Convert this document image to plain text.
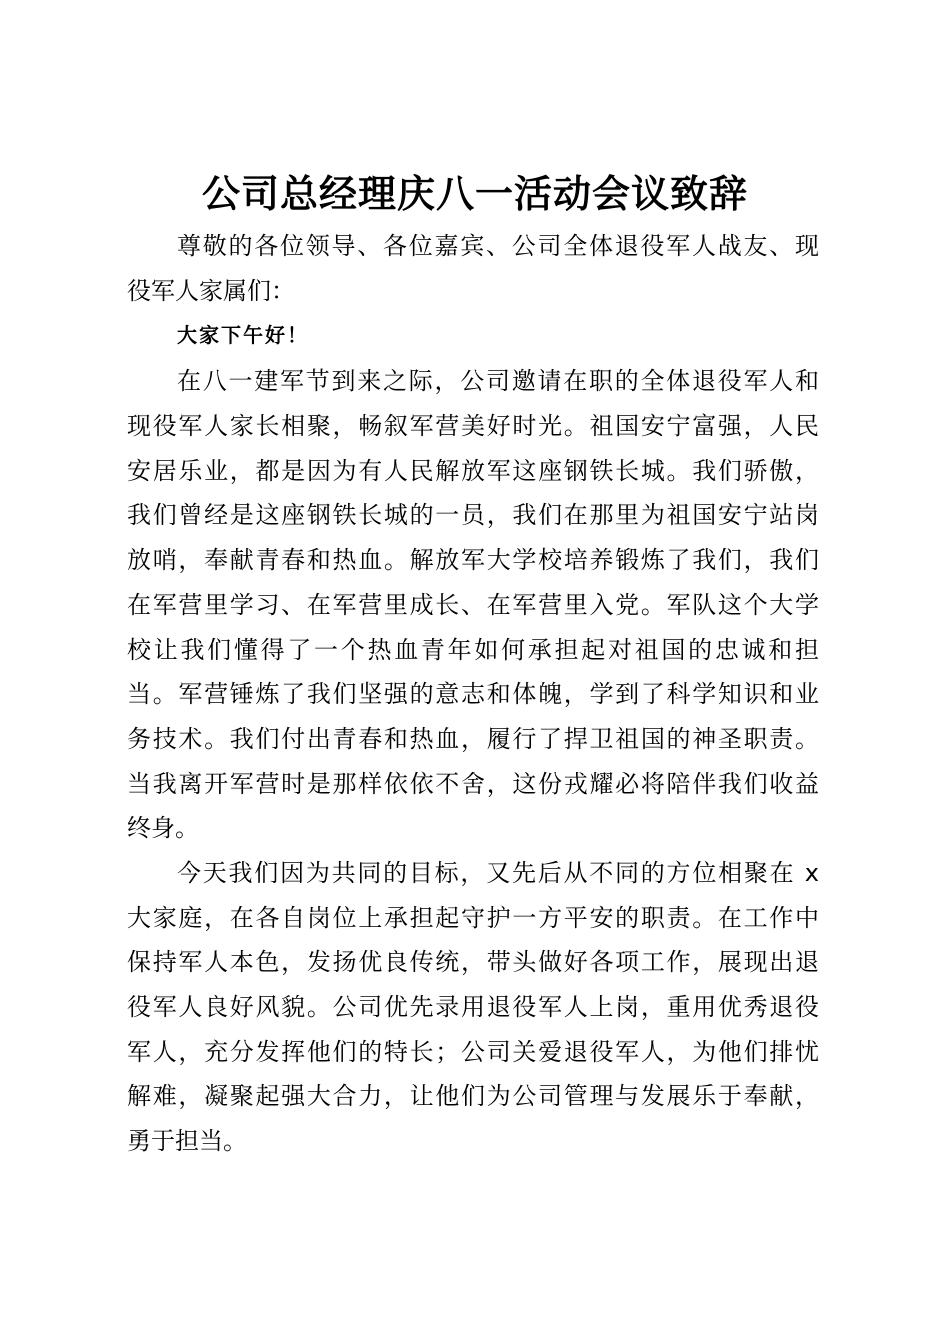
公司总经理庆八一活动会议致辞
尊敬的各位领导、各位嘉宾、公司全体退役军人战友、现
役军人家属们：
大家下午好！
在八一建军节到来之际，公司邀请在职的全体退役军人和
现役军人家长相聚，畅叙军营美好时光。祖国安宁富强，人民
安居乐业，都是因为有人民解放军这座钢铁长城。我们骄傲，
我们曾经是这座钢铁长城的一员，我们在那里为祖国安宁站岗
放哨，奉献青春和热血。解放军大学校培养锻炼了我们，我们
在军营里学习、在军营里成长、在军营里入党。军队这个大学
校让我们懂得了一个热血青年如何承担起对祖国的忠诚和担
当。军营锤炼了我们坚强的意志和体魄，学到了科学知识和业
务技术。我们付出青春和热血，履行了捍卫祖国的神圣职责。
当我离开军营时是那样依依不舍，这份戎耀必将陪伴我们收益
终身。
今天我们因为共同的目标，又先后从不同的方位相聚在 x
大家庭，在各自岗位上承担起守护一方平安的职责。在工作中
保持军人本色，发扬优良传统，带头做好各项工作，展现出退
役军人良好风貌。公司优先录用退役军人上岗，重用优秀退役
军人，充分发挥他们的特长；公司关爱退役军人，为他们排忧
解难，凝聚起强大合力，让他们为公司管理与发展乐于奉献，
勇于担当。
